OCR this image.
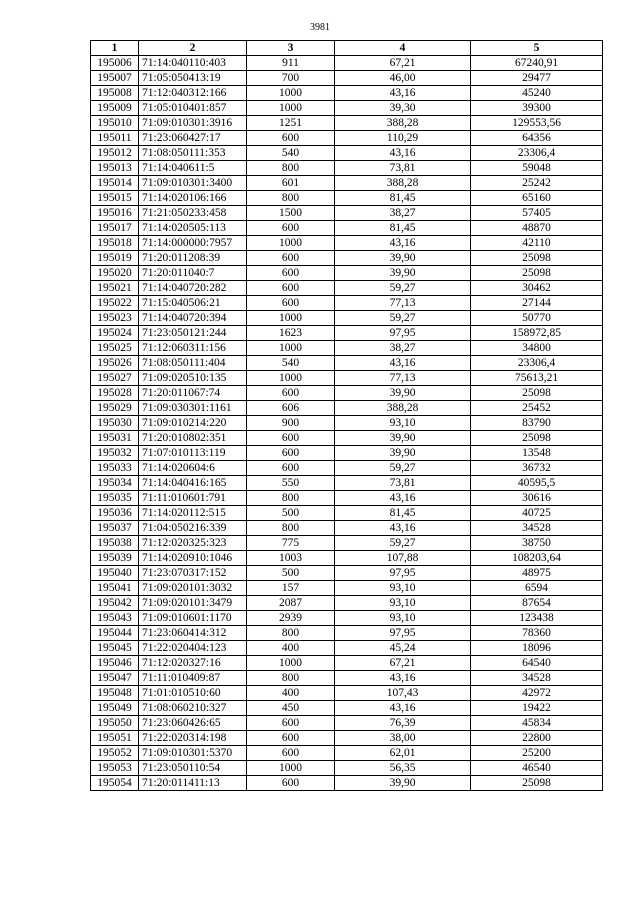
3981
1	2	3	4	5
195006	71:14:040110:403	911	67,21	67240,91
195007	71:05:050413:19	700	46,00	29477
195008	71:12:040312:166	1000	43,16	45240
195009	71:05:010401:857	1000	39,30	39300
195010	71:09:010301:3916	1251	388,28	129553,56
195011	71:23:060427:17	600	110,29	64356
195012	71:08:050111:353	540	43,16	23306,4
195013	71:14:040611:5	800	73,81	59048
195014	71:09:010301:3400	601	388,28	25242
195015	71:14:020106:166	800	81,45	65160
195016	71:21:050233:458	1500	38,27	57405
195017	71:14:020505:113	600	81,45	48870
195018	71:14:000000:7957	1000	43,16	42110
195019	71:20:011208:39	600	39,90	25098
195020	71:20:011040:7	600	39,90	25098
195021	71:14:040720:282	600	59,27	30462
195022	71:15:040506:21	600	77,13	27144
195023	71:14:040720:394	1000	59,27	50770
195024	71:23:050121:244	1623	97,95	158972,85
195025	71:12:060311:156	1000	38,27	34800
195026	71:08:050111:404	540	43,16	23306,4
195027	71:09:020510:135	1000	77,13	75613,21
195028	71:20:011067:74	600	39,90	25098
195029	71:09:030301:1161	606	388,28	25452
195030	71:09:010214:220	900	93,10	83790
195031	71:20:010802:351	600	39,90	25098
195032	71:07:010113:119	600	39,90	13548
195033	71:14:020604:6	600	59,27	36732
195034	71:14:040416:165	550	73,81	40595,5
195035	71:11:010601:791	800	43,16	30616
195036	71:14:020112:515	500	81,45	40725
195037	71:04:050216:339	800	43,16	34528
195038	71:12:020325:323	775	59,27	38750
195039	71:14:020910:1046	1003	107,88	108203,64
195040	71:23:070317:152	500	97,95	48975
195041	71:09:020101:3032	157	93,10	6594
195042	71:09:020101:3479	2087	93,10	87654
195043	71:09:010601:1170	2939	93,10	123438
195044	71:23:060414:312	800	97,95	78360
195045	71:22:020404:123	400	45,24	18096
195046	71:12:020327:16	1000	67,21	64540
195047	71:11:010409:87	800	43,16	34528
195048	71:01:010510:60	400	107,43	42972
195049	71:08:060210:327	450	43,16	19422
195050	71:23:060426:65	600	76,39	45834
195051	71:22:020314:198	600	38,00	22800
195052	71:09:010301:5370	600	62,01	25200
195053	71:23:050110:54	1000	56,35	46540
195054	71:20:011411:13	600	39,90	25098
